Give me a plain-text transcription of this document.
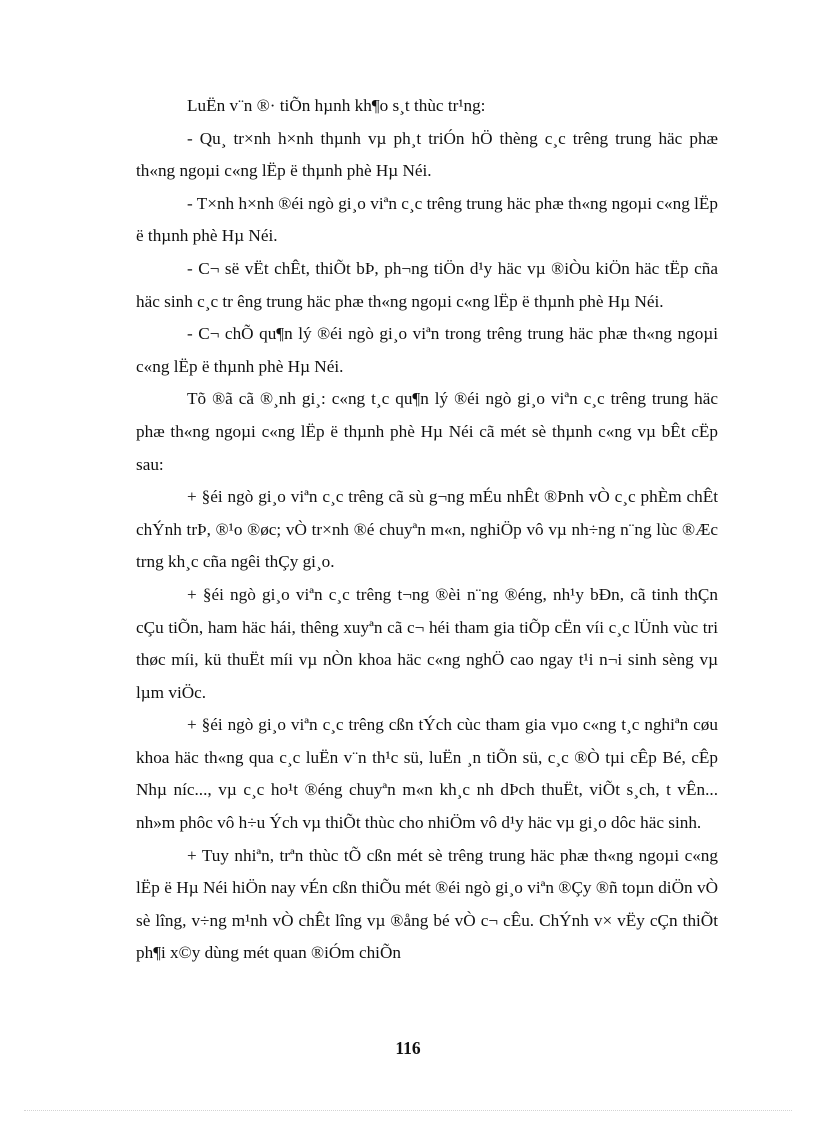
LuËn v¨n ®· tiÕn hµnh kh¶o s¸t thùc tr¹ng:

- Qu¸ tr×nh h×nh thµnh vµ ph¸t triÓn hÖ thèng c¸c trêng trung häc phæ th«ng ngoµi c«ng lËp ë thµnh phè Hµ Néi.

- T×nh h×nh ®éi ngò gi¸o viªn c¸c trêng trung häc phæ th«ng ngoµi c«ng lËp ë thµnh phè Hµ Néi.

- C¬ së vËt chÊt, thiÕt bÞ, ph¬ng tiÖn d¹y häc vµ ®iÒu kiÖn häc tËp cña häc sinh c¸c tr êng trung häc phæ th«ng ngoµi c«ng lËp ë thµnh phè Hµ Néi.

- C¬ chÕ qu¶n lý ®éi ngò gi¸o viªn trong trêng trung häc phæ th«ng ngoµi c«ng lËp ë thµnh phè Hµ Néi.

Tõ ®ã cã ®¸nh gi¸: c«ng t¸c qu¶n lý ®éi ngò gi¸o viªn c¸c trêng trung häc phæ th«ng ngoµi c«ng lËp ë thµnh phè Hµ Néi cã mét sè thµnh c«ng vµ bÊt cËp sau:

+ §éi ngò gi¸o viªn c¸c trêng cã sù g¬ng mÉu nhÊt ®Þnh vÒ c¸c phÈm chÊt chÝnh trÞ, ®¹o ®øc; vÒ tr×nh ®é chuyªn m«n, nghiÖp vô vµ nh÷ng n¨ng lùc ®Æc trng kh¸c cña ngêi thÇy gi¸o.

+ §éi ngò gi¸o viªn c¸c trêng t¬ng ®èi n¨ng ®éng, nh¹y bÐn, cã tinh thÇn cÇu tiÕn, ham häc hái, thêng xuyªn cã c¬ héi tham gia tiÕp cËn víi c¸c lÜnh vùc tri thøc míi, kü thuËt míi vµ nÒn khoa häc c«ng nghÖ cao ngay t¹i n¬i sinh sèng vµ lµm viÖc.

+ §éi ngò gi¸o viªn c¸c trêng cßn tÝch cùc tham gia vµo c«ng t¸c nghiªn cøu khoa häc th«ng qua c¸c luËn v¨n th¹c sü, luËn ¸n tiÕn sü, c¸c ®Ò tµi cÊp Bé, cÊp Nhµ níc..., vµ c¸c ho¹t ®éng chuyªn m«n kh¸c nh dÞch thuËt, viÕt s¸ch, t vÊn... nh»m phôc vô h÷u Ých vµ thiÕt thùc cho nhiÖm vô d¹y häc vµ gi¸o dôc häc sinh.

+ Tuy nhiªn, trªn thùc tÕ cßn mét sè trêng trung häc phæ th«ng ngoµi c«ng lËp ë Hµ Néi hiÖn nay vÉn cßn thiÕu mét ®éi ngò gi¸o viªn ®Çy ®ñ toµn diÖn vÒ sè lîng, v÷ng m¹nh vÒ chÊt lîng vµ ®ång bé vÒ c¬ cÊu. ChÝnh v× vËy cÇn thiÕt ph¶i x©y dùng mét quan ®iÓm chiÕn

116
